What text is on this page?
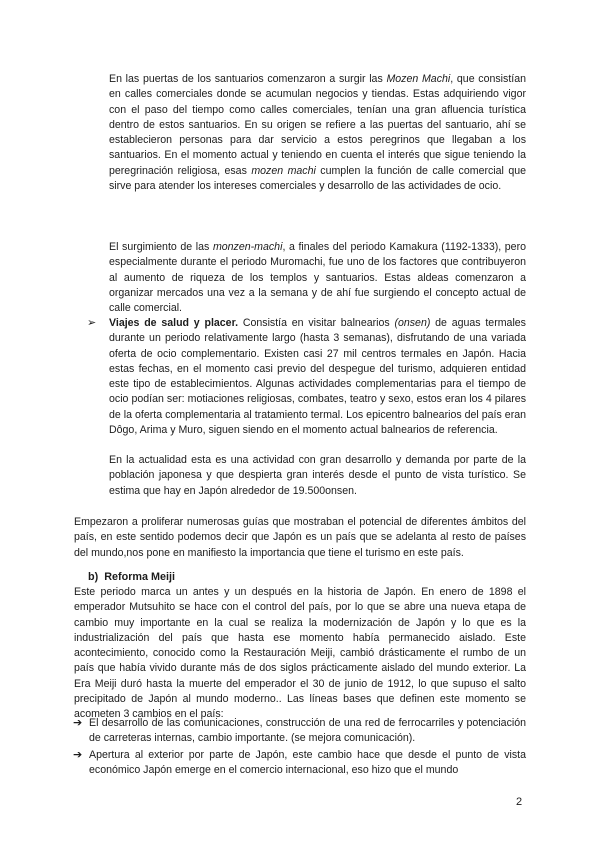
En las puertas de los santuarios comenzaron a surgir las Mozen Machi, que consistían en calles comerciales donde se acumulan negocios y tiendas. Estas adquiriendo vigor con el paso del tiempo como calles comerciales, tenían una gran afluencia turística dentro de estos santuarios. En su origen se refiere a las puertas del santuario, ahí se establecieron personas para dar servicio a estos peregrinos que llegaban a los santuarios. En el momento actual y teniendo en cuenta el interés que sigue teniendo la peregrinación religiosa, esas mozen machi cumplen la función de calle comercial que sirve para atender los intereses comerciales y desarrollo de las actividades de ocio.

El surgimiento de las monzen-machi, a finales del periodo Kamakura (1192-1333), pero especialmente durante el periodo Muromachi, fue uno de los factores que contribuyeron al aumento de riqueza de los templos y santuarios. Estas aldeas comenzaron a organizar mercados una vez a la semana y de ahí fue surgiendo el concepto actual de calle comercial.

➢ Viajes de salud y placer. Consistía en visitar balnearios (onsen) de aguas termales durante un periodo relativamente largo (hasta 3 semanas), disfrutando de una variada oferta de ocio complementario. Existen casi 27 mil centros termales en Japón. Hacia estas fechas, en el momento casi previo del despegue del turismo, adquieren entidad este tipo de establecimientos. Algunas actividades complementarias para el tiempo de ocio podían ser: motiaciones religiosas, combates, teatro y sexo, estos eran los 4 pilares de la oferta complementaria al tratamiento termal. Los epicentro balnearios del país eran Dôgo, Arima y Muro, siguen siendo en el momento actual balnearios de referencia.

En la actualidad esta es una actividad con gran desarrollo y demanda por parte de la población japonesa y que despierta gran interés desde el punto de vista turístico. Se estima que hay en Japón alrededor de 19.500onsen.

Empezaron a proliferar numerosas guías que mostraban el potencial de diferentes ámbitos del país, en este sentido podemos decir que Japón es un país que se adelanta al resto de países del mundo,nos pone en manifiesto la importancia que tiene el turismo en este país.

b) Reforma Meiji

Este periodo marca un antes y un después en la historia de Japón. En enero de 1898 el emperador Mutsuhito se hace con el control del país, por lo que se abre una nueva etapa de cambio muy importante en la cual se realiza la modernización de Japón y lo que es la industrialización del país que hasta ese momento había permanecido aislado. Este acontecimiento, conocido como la Restauración Meiji, cambió drásticamente el rumbo de un país que había vivido durante más de dos siglos prácticamente aislado del mundo exterior. La Era Meiji duró hasta la muerte del emperador el 30 de junio de 1912, lo que supuso el salto precipitado de Japón al mundo moderno.. Las líneas bases que definen este momento se acometen 3 cambios en el país:

➔ El desarrollo de las comunicaciones, construcción de una red de ferrocarriles y potenciación de carreteras internas, cambio importante. (se mejora comunicación).

➔ Apertura al exterior por parte de Japón, este cambio hace que desde el punto de vista económico Japón emerge en el comercio internacional, eso hizo que el mundo

2
